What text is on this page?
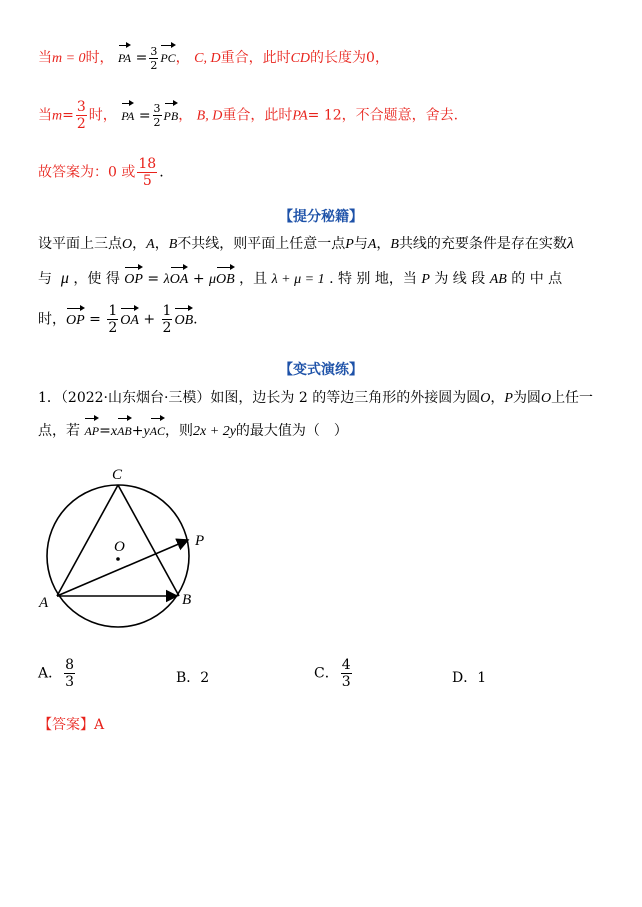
当m = 0时， PA = $\frac{3}{2}$ PC， C, D重合，此时CD的长度为0，
当$m= \frac{3}{2}$ 时， PA = $\frac{3}{2}$ PB， B, D重合，此时PA= 12，不合题意，舍去.
故答案为：0 或 $\frac{18}{5}$ .
【提分秘籍】
设平面上三点O，A，B不共线，则平面上任意一点P与A，B共线的充要条件是存在实数λ
与 μ ，使 得 OP = λOA + μOB ，且 λ + μ = 1 . 特 别 地，当 P 为 线 段 AB 的 中 点
时，OP = $\frac{1}{2}$ OA + $\frac{1}{2}$ OB.
【变式演练】
1．（2022·山东烟台·三模）如图，边长为 2 的等边三角形的外接圆为圆O，P为圆O上任一
点，若 AP=xAB+yAC，则2x + 2y的最大值为（　）
C
O	P
A	B
A． $\frac{8}{3}$	B．2	C． $\frac{4}{3}$	D．1
【答案】A
